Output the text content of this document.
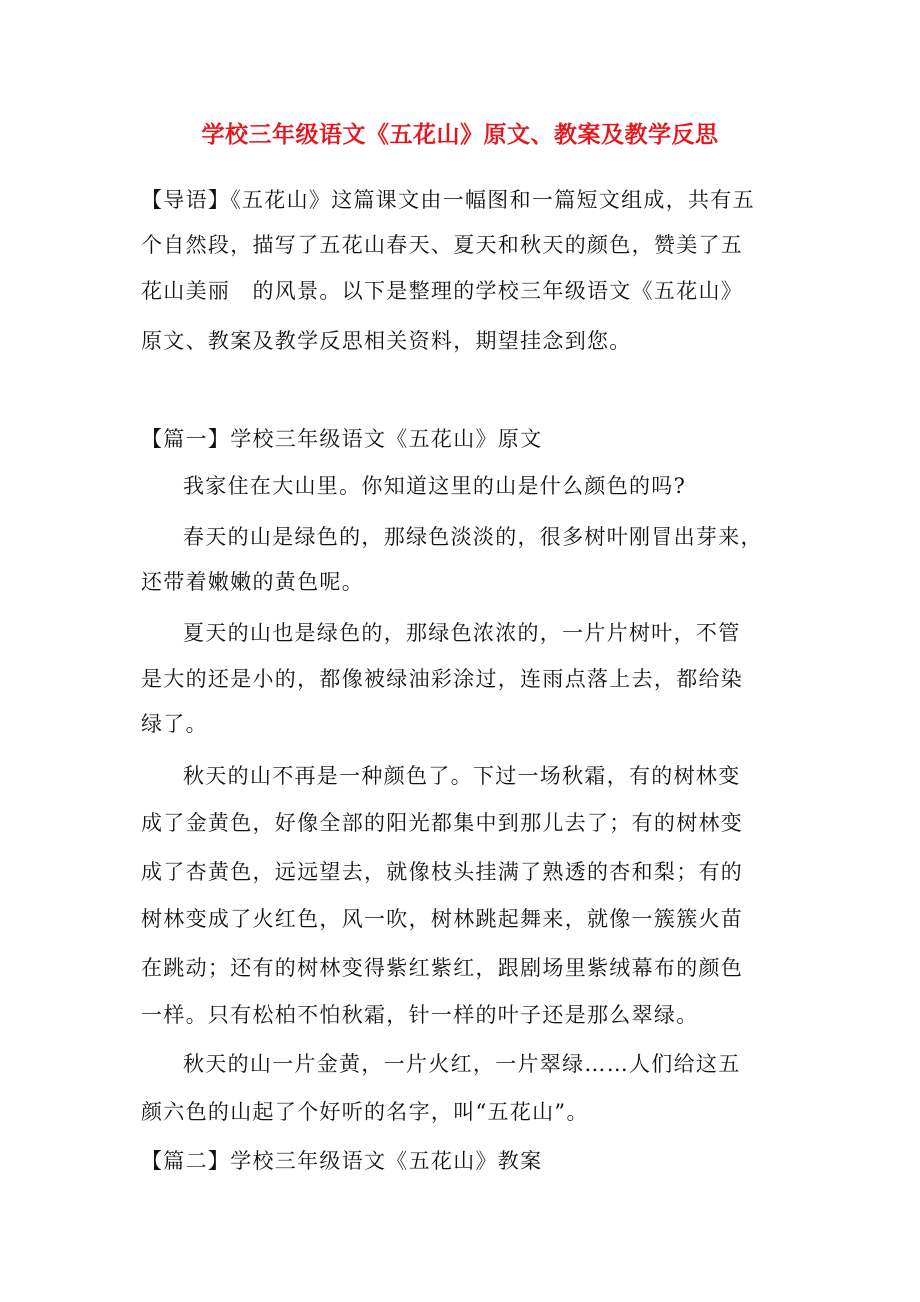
学校三年级语文《五花山》原文、教案及教学反思
【导语】《五花山》这篇课文由一幅图和一篇短文组成，共有五
个自然段，描写了五花山春天、夏天和秋天的颜色，赞美了五
花山美丽　的风景。以下是整理的学校三年级语文《五花山》
原文、教案及教学反思相关资料，期望挂念到您。
【篇一】学校三年级语文《五花山》原文
我家住在大山里。你知道这里的山是什么颜色的吗?
春天的山是绿色的，那绿色淡淡的，很多树叶刚冒出芽来，
还带着嫩嫩的黄色呢。
夏天的山也是绿色的，那绿色浓浓的，一片片树叶，不管
是大的还是小的，都像被绿油彩涂过，连雨点落上去，都给染
绿了。
秋天的山不再是一种颜色了。下过一场秋霜，有的树林变
成了金黄色，好像全部的阳光都集中到那儿去了；有的树林变
成了杏黄色，远远望去，就像枝头挂满了熟透的杏和梨；有的
树林变成了火红色，风一吹，树林跳起舞来，就像一簇簇火苗
在跳动；还有的树林变得紫红紫红，跟剧场里紫绒幕布的颜色
一样。只有松柏不怕秋霜，针一样的叶子还是那么翠绿。
秋天的山一片金黄，一片火红，一片翠绿……人们给这五
颜六色的山起了个好听的名字，叫“五花山”。
【篇二】学校三年级语文《五花山》教案
